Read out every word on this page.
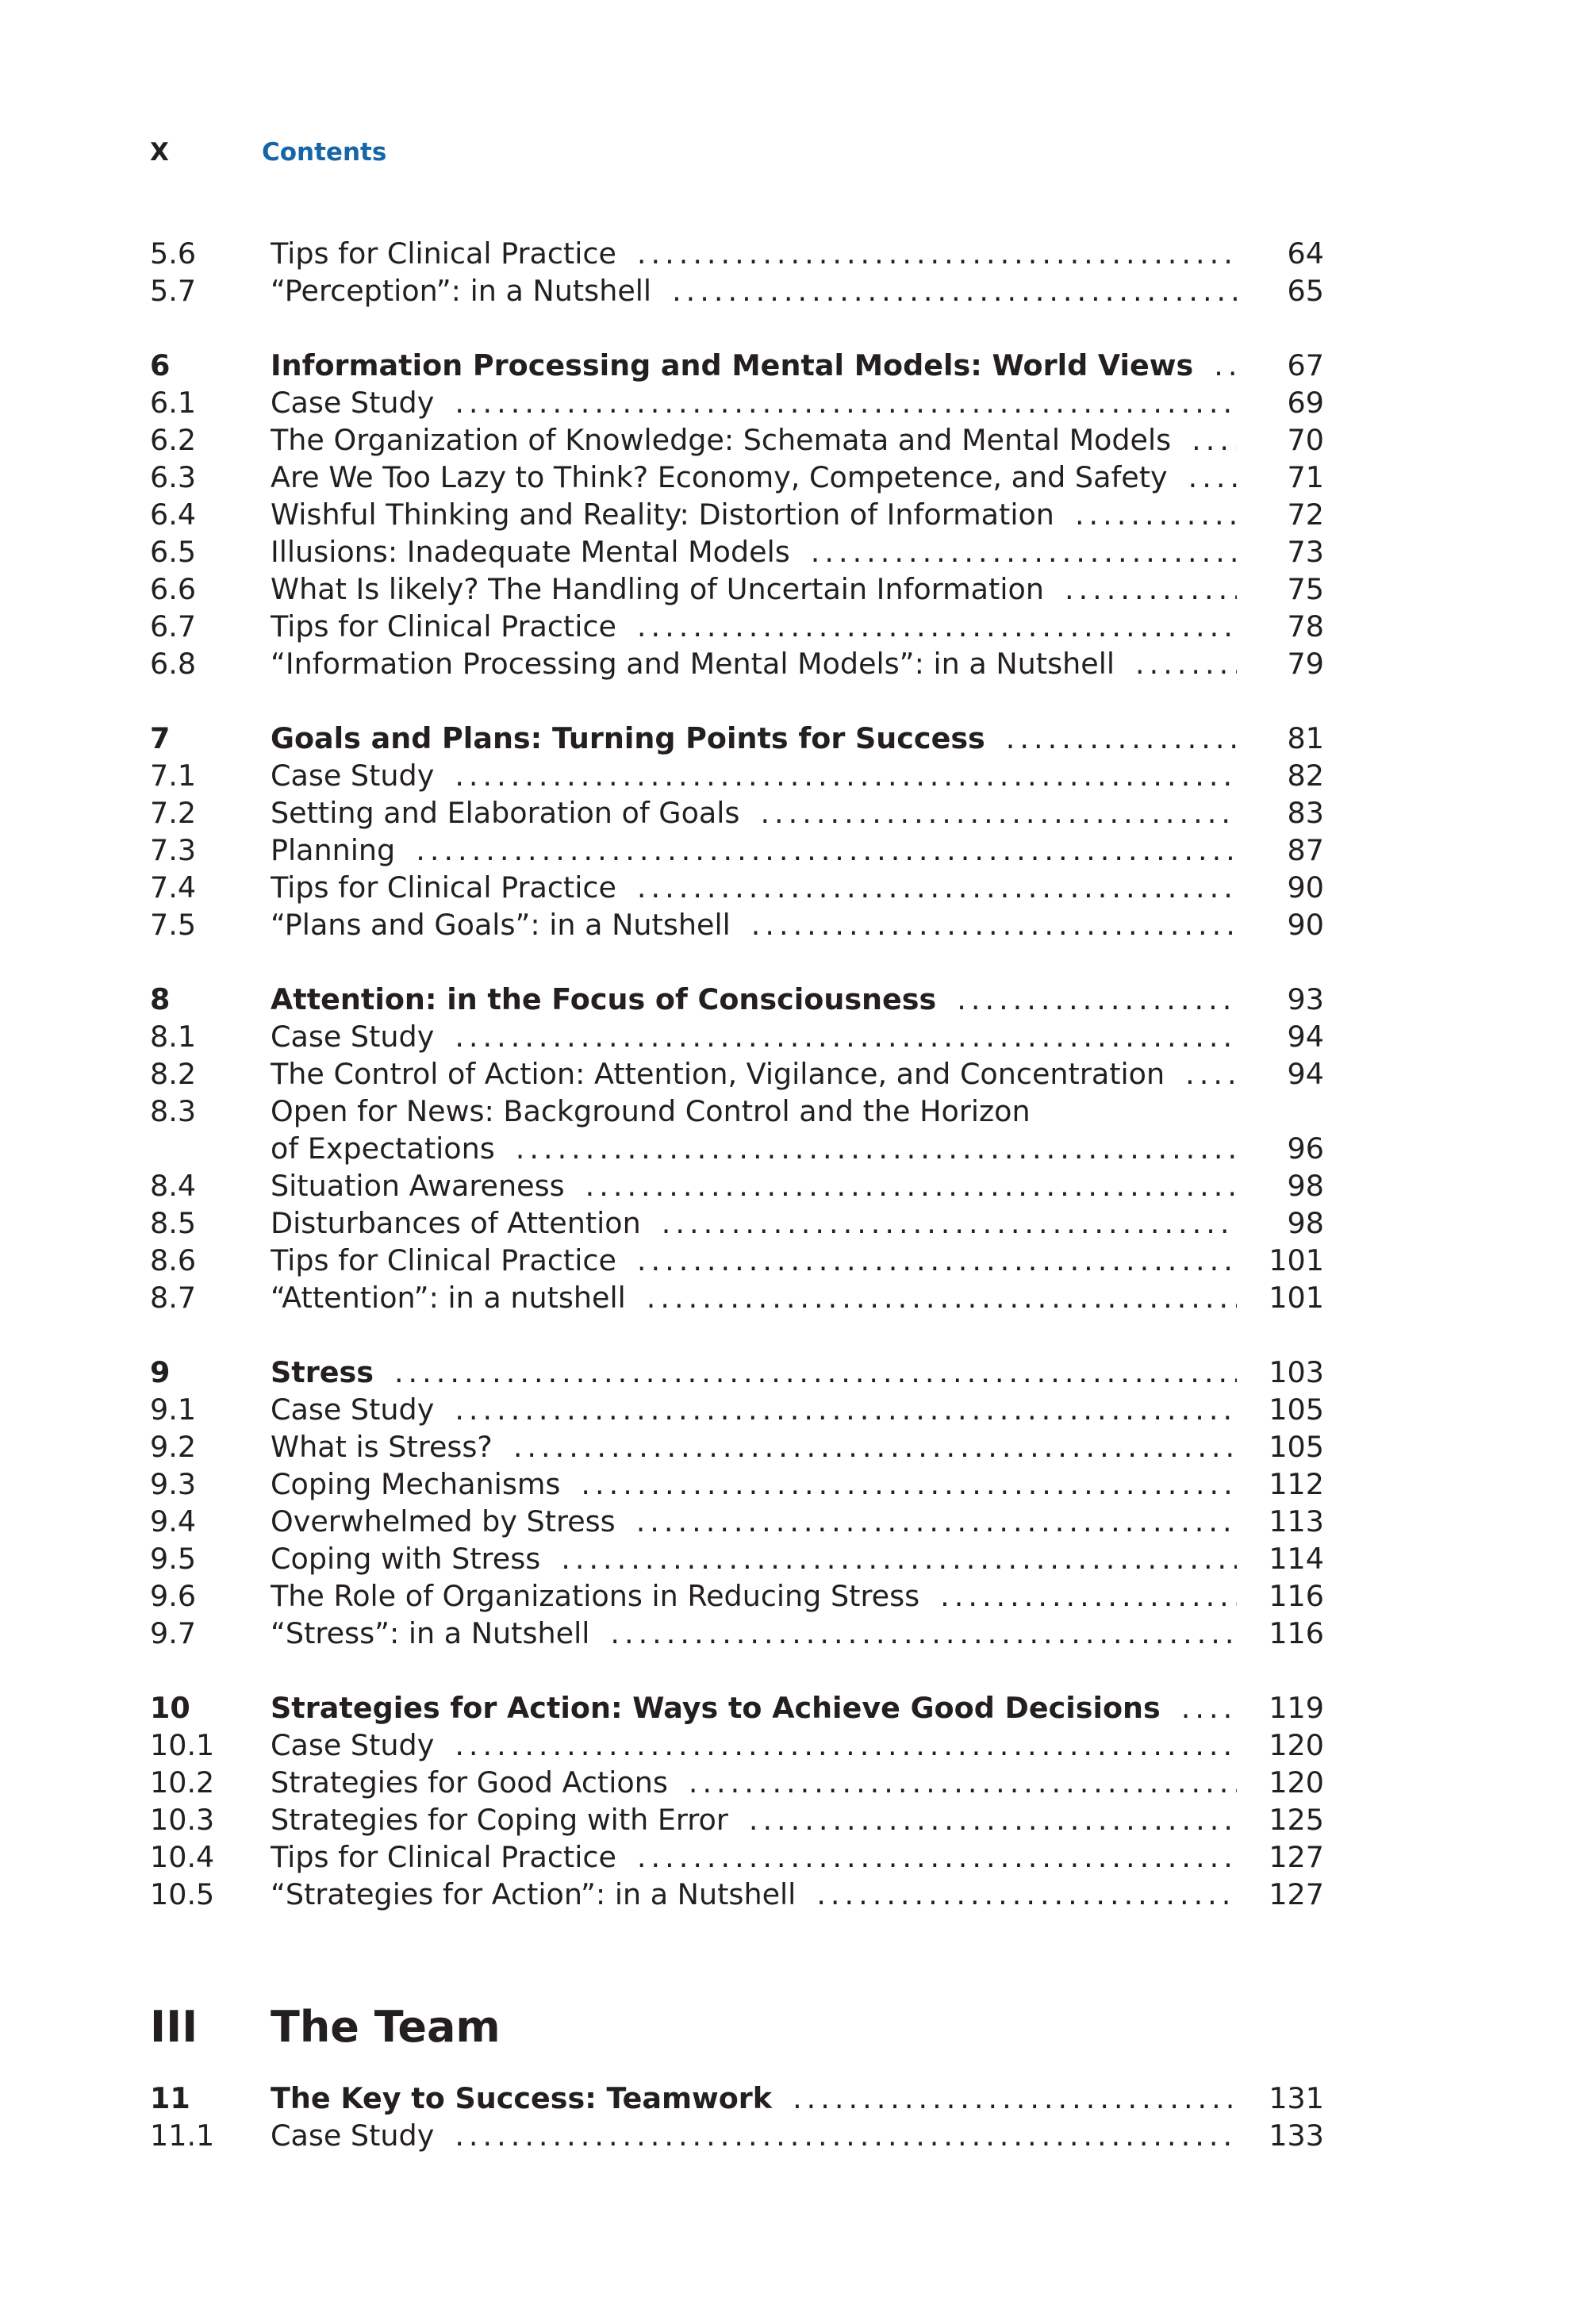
X	Contents
5.6	Tips for Clinical Practice .....	64
5.7	“Perception”: in a Nutshell .....	65
6	Information Processing and Mental Models: World Views .....	67
6.1	Case Study .....	69
6.2	The Organization of Knowledge: Schemata and Mental Models .....	70
6.3	Are We Too Lazy to Think? Economy, Competence, and Safety .....	71
6.4	Wishful Thinking and Reality: Distortion of Information .....	72
6.5	Illusions: Inadequate Mental Models .....	73
6.6	What Is likely? The Handling of Uncertain Information .....	75
6.7	Tips for Clinical Practice .....	78
6.8	“Information Processing and Mental Models”: in a Nutshell .....	79
7	Goals and Plans: Turning Points for Success .....	81
7.1	Case Study .....	82
7.2	Setting and Elaboration of Goals .....	83
7.3	Planning .....	87
7.4	Tips for Clinical Practice .....	90
7.5	“Plans and Goals”: in a Nutshell .....	90
8	Attention: in the Focus of Consciousness .....	93
8.1	Case Study .....	94
8.2	The Control of Action: Attention, Vigilance, and Concentration .....	94
8.3	Open for News: Background Control and the Horizon
of Expectations .....	96
8.4	Situation Awareness .....	98
8.5	Disturbances of Attention .....	98
8.6	Tips for Clinical Practice .....	101
8.7	“Attention”: in a nutshell .....	101
9	Stress .....	103
9.1	Case Study .....	105
9.2	What is Stress? .....	105
9.3	Coping Mechanisms .....	112
9.4	Overwhelmed by Stress .....	113
9.5	Coping with Stress .....	114
9.6	The Role of Organizations in Reducing Stress .....	116
9.7	“Stress”: in a Nutshell .....	116
10	Strategies for Action: Ways to Achieve Good Decisions .....	119
10.1	Case Study .....	120
10.2	Strategies for Good Actions .....	120
10.3	Strategies for Coping with Error .....	125
10.4	Tips for Clinical Practice .....	127
10.5	“Strategies for Action”: in a Nutshell .....	127
III	The Team
11	The Key to Success: Teamwork .....	131
11.1	Case Study .....	133
